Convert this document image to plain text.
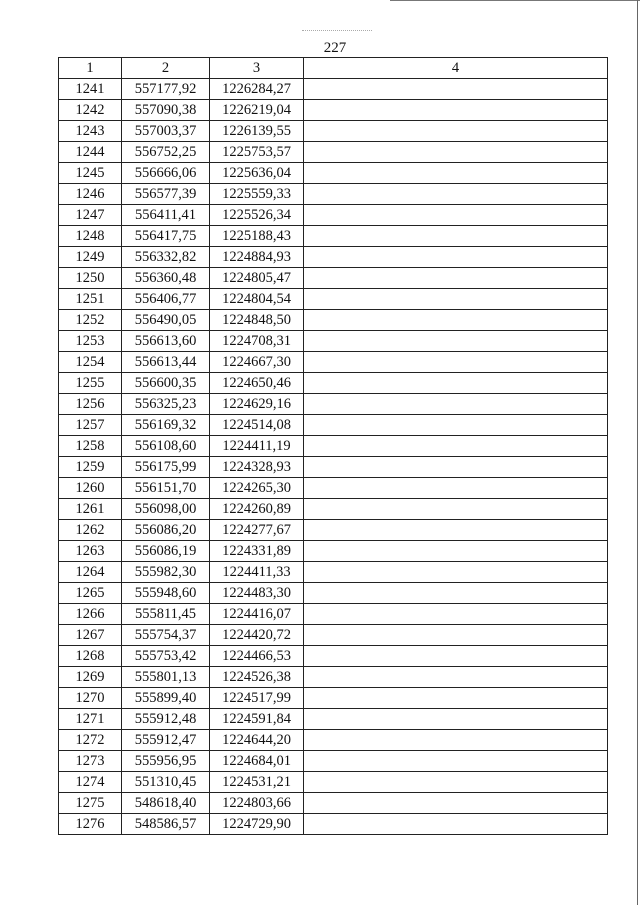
227
1	2	3	4
1241	557177,92	1226284,27	
1242	557090,38	1226219,04	
1243	557003,37	1226139,55	
1244	556752,25	1225753,57	
1245	556666,06	1225636,04	
1246	556577,39	1225559,33	
1247	556411,41	1225526,34	
1248	556417,75	1225188,43	
1249	556332,82	1224884,93	
1250	556360,48	1224805,47	
1251	556406,77	1224804,54	
1252	556490,05	1224848,50	
1253	556613,60	1224708,31	
1254	556613,44	1224667,30	
1255	556600,35	1224650,46	
1256	556325,23	1224629,16	
1257	556169,32	1224514,08	
1258	556108,60	1224411,19	
1259	556175,99	1224328,93	
1260	556151,70	1224265,30	
1261	556098,00	1224260,89	
1262	556086,20	1224277,67	
1263	556086,19	1224331,89	
1264	555982,30	1224411,33	
1265	555948,60	1224483,30	
1266	555811,45	1224416,07	
1267	555754,37	1224420,72	
1268	555753,42	1224466,53	
1269	555801,13	1224526,38	
1270	555899,40	1224517,99	
1271	555912,48	1224591,84	
1272	555912,47	1224644,20	
1273	555956,95	1224684,01	
1274	551310,45	1224531,21	
1275	548618,40	1224803,66	
1276	548586,57	1224729,90	
